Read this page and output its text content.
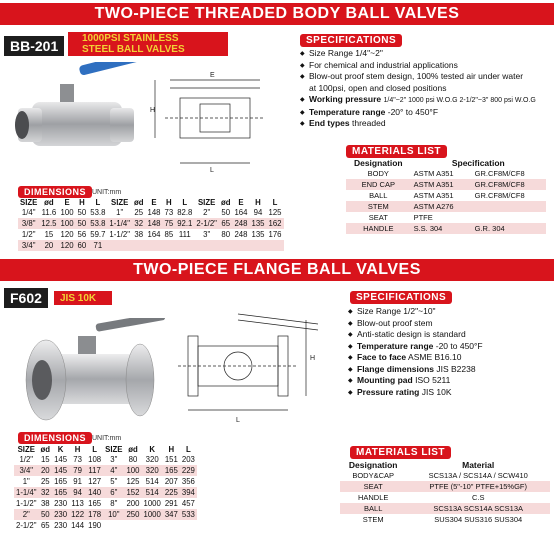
TWO-PIECE THREADED BODY BALL VALVES
BB-201	1000PSI STAINLESS
STEEL BALL VALVES
E
H
L
SPECIFICATIONS
◆ Size Range 1/4"~2"
◆ For chemical and industrial applications
◆ Blow-out proof stem design, 100% tested air under water
at 100psi, open and closed positions
◆ Working pressure 1/4"~2" 1000 psi W.O.G 2-1/2"~3" 800 psi W.O.G
◆ Temperature range -20° to 450°F
◆ End types threaded
MATERIALS LIST
Designation	Specification	
BODY	ASTM A351	GR.CF8M/CF8
END CAP	ASTM A351	GR.CF8M/CF8
BALL	ASTM A351	GR.CF8M/CF8
STEM	ASTM A276	
SEAT	PTFE	
HANDLE	S.S. 304	G.R. 304
DIMENSIONS UNIT:mm
SIZE	ød	E	H	L	SIZE	ød	E	H	L	SIZE	ød	E	H	L
1/4"	11.6	100	50	53.8	1"	25	148	73	82.8	2"	50	164	94	125
3/8"	12.5	100	50	53.8	1-1/4"	32	148	75	92.1	2-1/2"	65	248	135	162
1/2"	15	120	56	59.7	1-1/2"	38	164	85	111	3"	80	248	135	176
3/4"	20	120	60	71										
TWO-PIECE FLANGE BALL VALVES
F602	JIS 10K
H
L
SPECIFICATIONS
◆ Size Range 1/2"~10"
◆ Blow-out proof stem
◆ Anti-static design is standard
◆ Temperature range -20 to 450°F
◆ Face to face ASME B16.10
◆ Flange dimensions JIS B2238
◆ Mounting pad ISO 5211
◆ Pressure rating JIS 10K
DIMENSIONS UNIT:mm
SIZE	ød	K	H	L	SIZE	ød	K	H	L
1/2"	15	145	73	108	3"	80	320	151	203
3/4"	20	145	79	117	4"	100	320	165	229
1"	25	165	91	127	5"	125	514	207	356
1-1/4"	32	165	94	140	6"	152	514	225	394
1-1/2"	38	230	113	165	8"	200	1000	291	457
2"	50	230	122	178	10"	250	1000	347	533
2-1/2"	65	230	144	190					
MATERIALS LIST
Designation	Material
BODY&CAP	SCS13A / SCS14A / SCW410
SEAT	PTFE (5"-10" PTFE+15%GF)
HANDLE	C.S
BALL	SCS13A SCS14A SCS13A
STEM	SUS304 SUS316 SUS304
